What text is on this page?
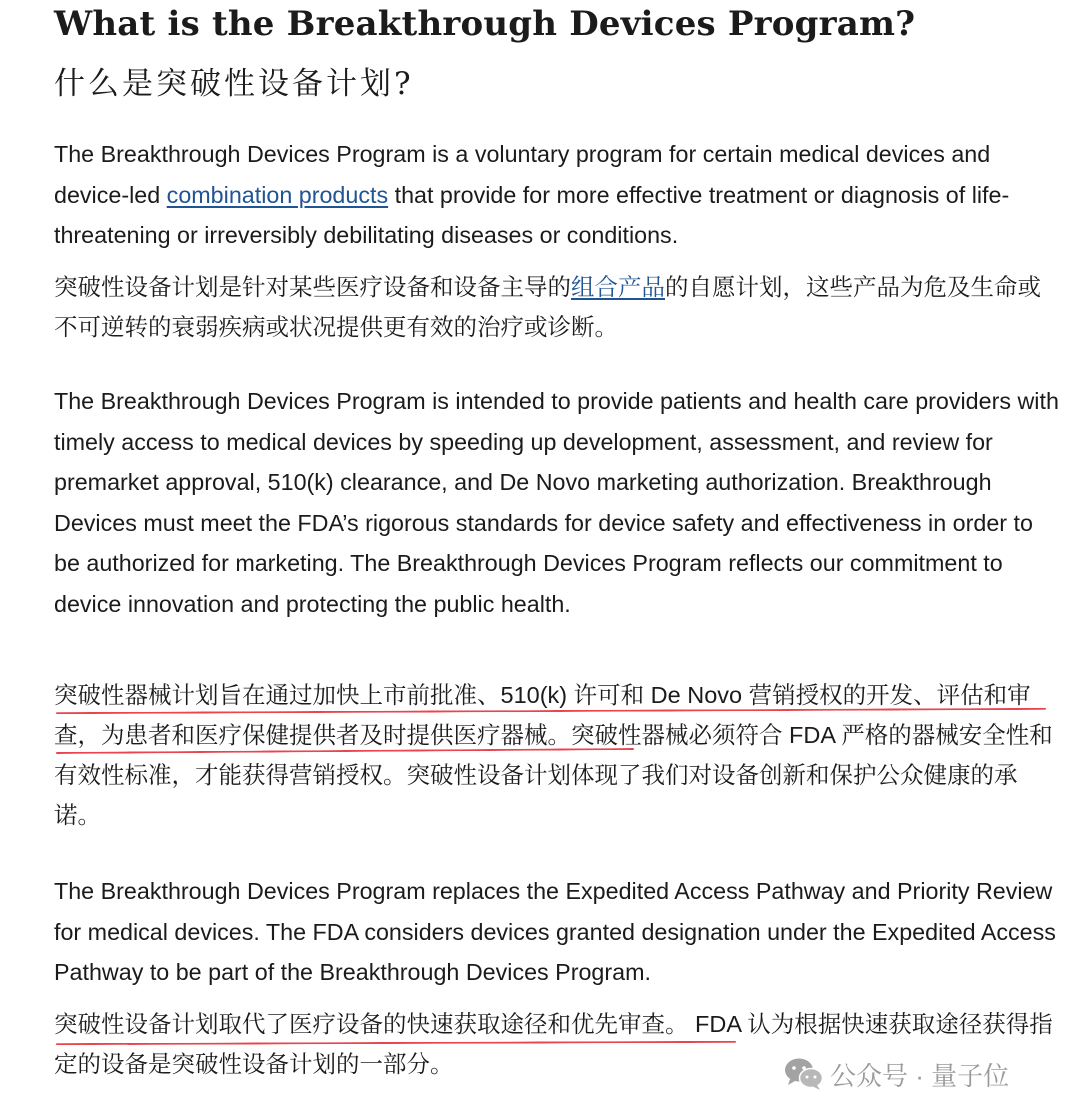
What is the Breakthrough Devices Program?
什么是突破性设备计划?

The Breakthrough Devices Program is a voluntary program for certain medical devices and device-led combination products that provide for more effective treatment or diagnosis of life-threatening or irreversibly debilitating diseases or conditions.

突破性设备计划是针对某些医疗设备和设备主导的组合产品的自愿计划，这些产品为危及生命或不可逆转的衰弱疾病或状况提供更有效的治疗或诊断。

The Breakthrough Devices Program is intended to provide patients and health care providers with timely access to medical devices by speeding up development, assessment, and review for premarket approval, 510(k) clearance, and De Novo marketing authorization. Breakthrough Devices must meet the FDA’s rigorous standards for device safety and effectiveness in order to be authorized for marketing. The Breakthrough Devices Program reflects our commitment to device innovation and protecting the public health.

突破性器械计划旨在通过加快上市前批准、510(k) 许可和 De Novo 营销授权的开发、评估和审查，为患者和医疗保健提供者及时提供医疗器械。突破性器械必须符合 FDA 严格的器械安全性和有效性标准，才能获得营销授权。突破性设备计划体现了我们对设备创新和保护公众健康的承诺。

The Breakthrough Devices Program replaces the Expedited Access Pathway and Priority Review for medical devices. The FDA considers devices granted designation under the Expedited Access Pathway to be part of the Breakthrough Devices Program.

突破性设备计划取代了医疗设备的快速获取途径和优先审查。 FDA 认为根据快速获取途径获得指定的设备是突破性设备计划的一部分。	公众号 · 量子位
